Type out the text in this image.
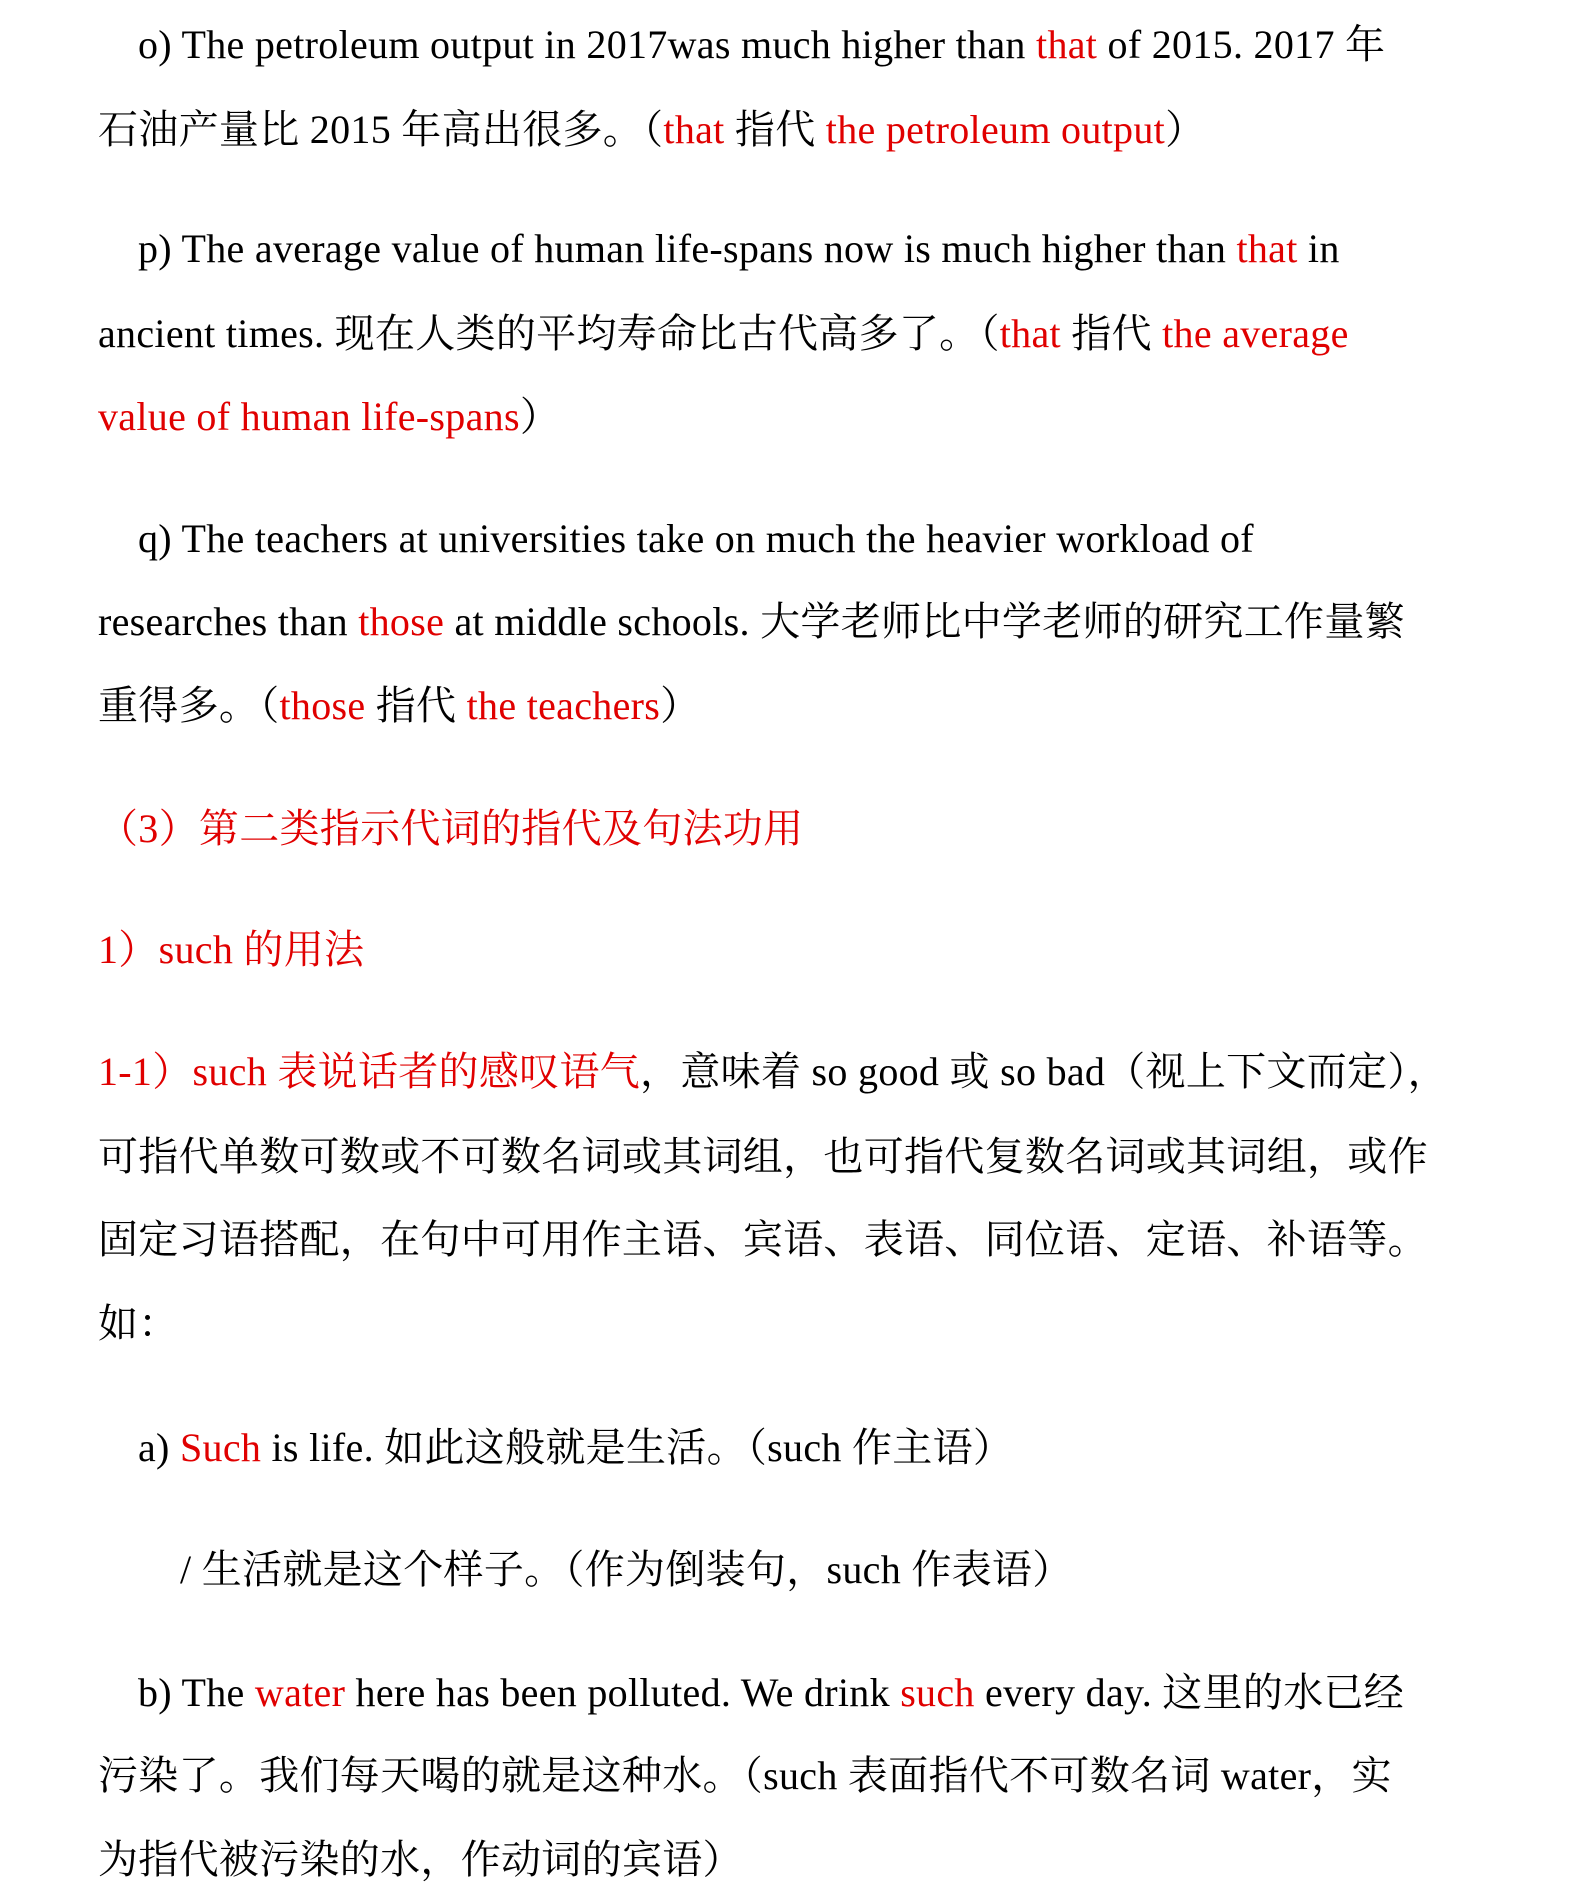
o) The petroleum output in 2017was much higher than that of 2015. 2017 年
石油产量比 2015 年高出很多。（that 指代 the petroleum output）
p) The average value of human life-spans now is much higher than that in
ancient times. 现在人类的平均寿命比古代高多了。（that 指代 the average
value of human life-spans）
q) The teachers at universities take on much the heavier workload of
researches than those at middle schools. 大学老师比中学老师的研究工作量繁
重得多。（those 指代 the teachers）
（3）第二类指示代词的指代及句法功用
1）such 的用法
1-1）such 表说话者的感叹语气，意味着 so good 或 so bad（视上下文而定），
可指代单数可数或不可数名词或其词组，也可指代复数名词或其词组，或作
固定习语搭配，在句中可用作主语、宾语、表语、同位语、定语、补语等。
如：
a) Such is life. 如此这般就是生活。（such 作主语）
/ 生活就是这个样子。（作为倒装句，such 作表语）
b) The water here has been polluted. We drink such every day. 这里的水已经
污染了。我们每天喝的就是这种水。（such 表面指代不可数名词 water，实
为指代被污染的水，作动词的宾语）
